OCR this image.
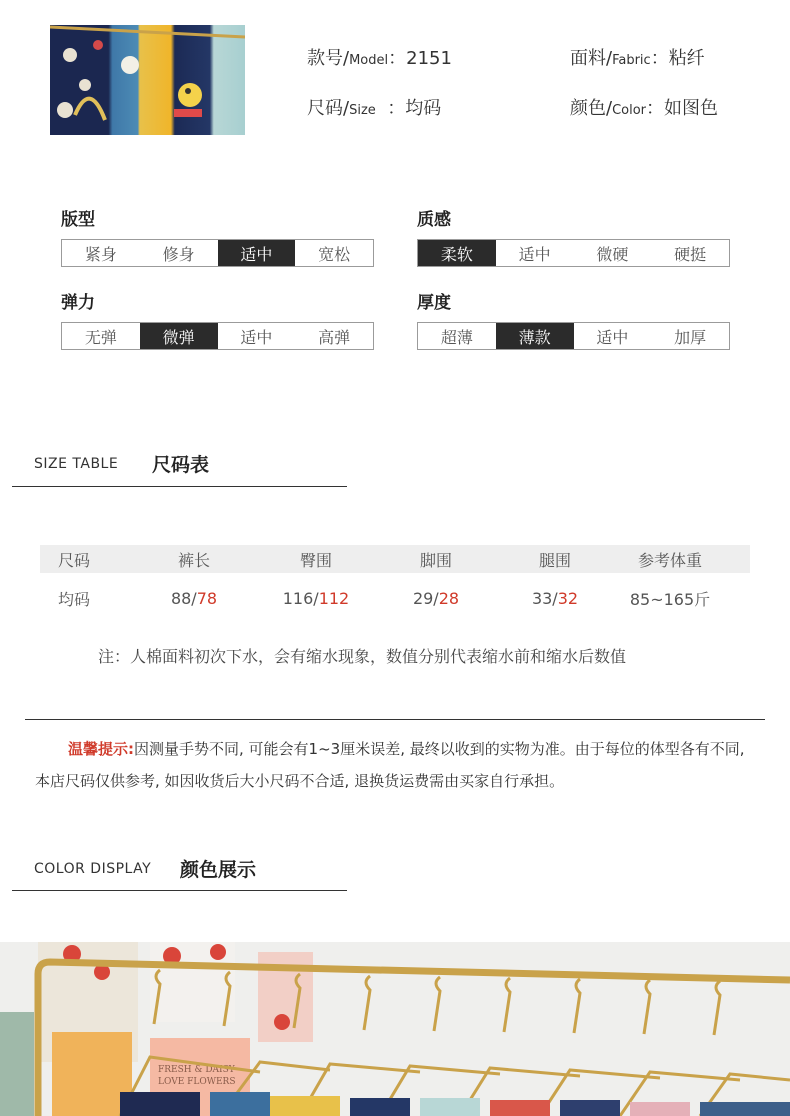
款号/Model：2151
尺码/Size  ：均码
面料/Fabric：粘纤
颜色/Color：如图色
版型
紧身	修身	适中	宽松
质感
柔软	适中	微硬	硬挺
弹力
无弹	微弹	适中	高弹
厚度
超薄	薄款	适中	加厚
SIZE TABLE 尺码表
尺码	裤长	臀围	脚围	腿围	参考体重
均码	88/78	116/112	29/28	33/32	85~165斤
注：人棉面料初次下水，会有缩水现象，数值分别代表缩水前和缩水后数值
温馨提示:因测量手势不同, 可能会有1~3厘米误差, 最终以收到的实物为准。由于每位的体型各有不同, 本店尺码仅供参考, 如因收货后大小尺码不合适, 退换货运费需由买家自行承担。
COLOR DISPLAY 颜色展示
FRESH & DAISY
LOVE FLOWERS
